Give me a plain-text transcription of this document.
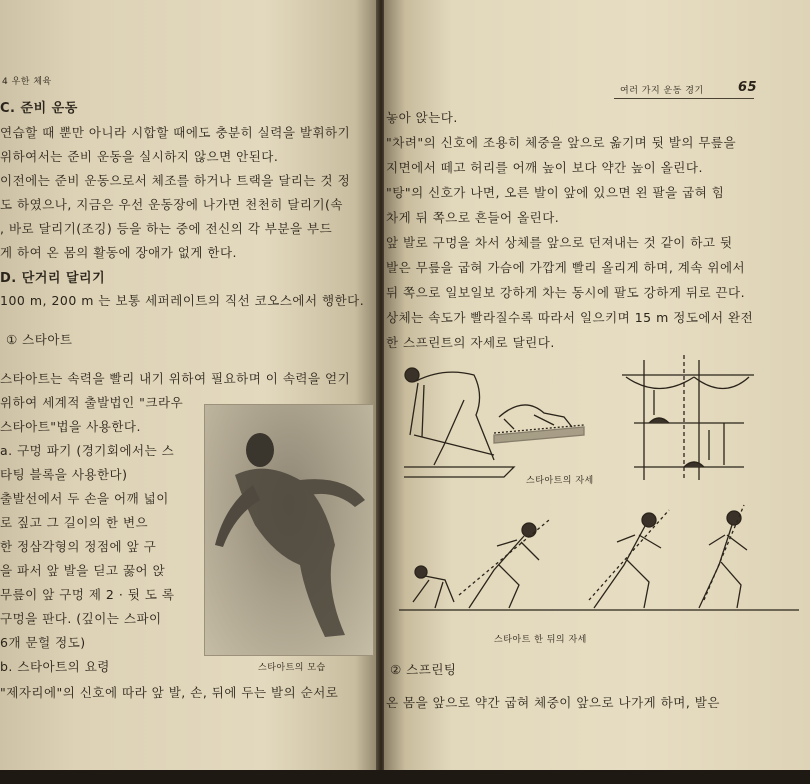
4 우한 체육
C. 준비 운동
연습할 때 뿐만 아니라 시합할 때에도 충분히 실력을 발휘하기
위하여서는 준비 운동을 실시하지 않으면 안된다.
이전에는 준비 운동으로서 체조를 하거나 트랙을 달리는 것 정
도 하였으나, 지금은 우선 운동장에 나가면 천천히 달리기(속
, 바로 달리기(조깅) 등을 하는 중에 전신의 각 부분을 부드
게 하여 온 몸의 활동에 장애가 없게 한다.
D. 단거리 달리기
100 m, 200 m 는 보통 세퍼레이트의 직선 코오스에서 행한다.
① 스타아트
스타아트는 속력을 빨리 내기 위하여 필요하며 이 속력을 얻기
위하여 세계적 출발법인 "크라우
스타아트"법을 사용한다.
a. 구멍 파기 (경기회에서는 스
타팅 블록을 사용한다)
출발선에서 두 손을 어깨 넓이
로 짚고 그 길이의 한 변으
한 정삼각형의 정점에 앞 구
을 파서 앞 발을 딛고 꿇어 앉
무릎이 앞 구멍 제 2 · 뒷 도 록
구멍을 판다. (깊이는 스파이
6개 문헐 정도)
b. 스타아트의 요령
"제자리에"의 신호에 따라 앞 발, 손, 뒤에 두는 발의 순서로
스타아트의 모습
여러 가지 운동 경기	65
놓아 앉는다.
"차려"의 신호에 조용히 체중을 앞으로 옮기며 뒷 발의 무릎을
지면에서 떼고 허리를 어깨 높이 보다 약간 높이 올린다.
"탕"의 신호가 나면, 오른 발이 앞에 있으면 왼 팔을 굽혀 힘
차게 뒤 쪽으로 흔들어 올린다.
앞 발로 구멍을 차서 상체를 앞으로 던져내는 것 같이 하고 뒷
발은 무릎을 굽혀 가슴에 가깝게 빨리 올리게 하며, 계속 위에서
뒤 쪽으로 일보일보 강하게 차는 동시에 팔도 강하게 뒤로 끈다.
상체는 속도가 빨라질수록 따라서 일으키며 15 m 정도에서 완전
한 스프린트의 자세로 달린다.
스타아트의 자세
스타아트 한 뒤의 자세
② 스프린팅
온 몸을 앞으로 약간 굽혀 체중이 앞으로 나가게 하며, 발은
